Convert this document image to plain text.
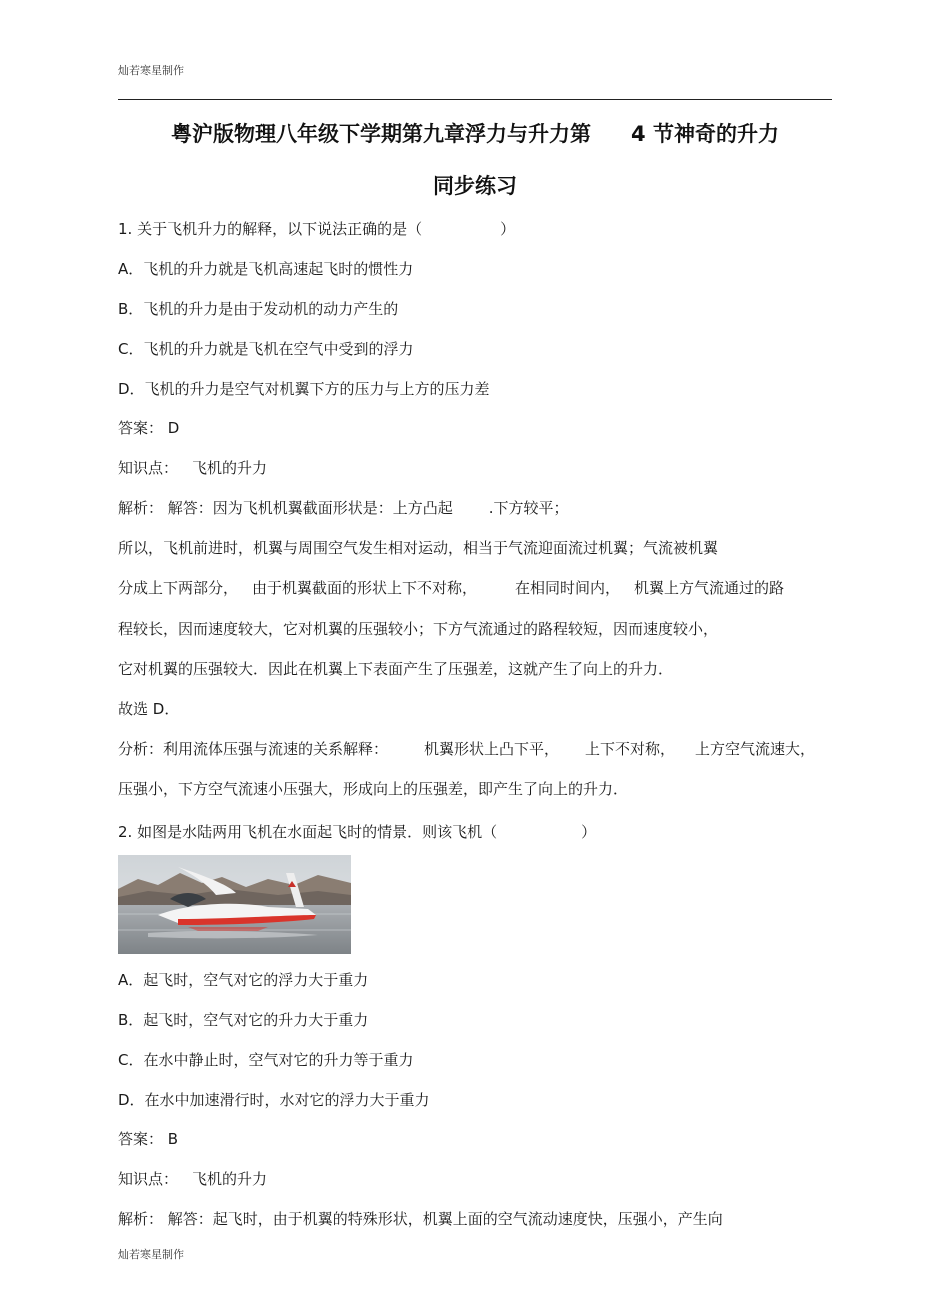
灿若寒星制作
粤沪版物理八年级下学期第九章浮力与升力第 4 节神奇的升力
同步练习
1. 关于飞机升力的解释，以下说法正确的是（	）
A．飞机的升力就是飞机高速起飞时的惯性力
B．飞机的升力是由于发动机的动力产生的
C．飞机的升力就是飞机在空气中受到的浮力
D．飞机的升力是空气对机翼下方的压力与上方的压力差
答案： D
知识点： 飞机的升力
解析： 解答：因为飞机机翼截面形状是：上方凸起 .下方较平；
所以，飞机前进时，机翼与周围空气发生相对运动，相当于气流迎面流过机翼；气流被机翼
分成上下两部分， 由于机翼截面的形状上下不对称，	在相同时间内， 机翼上方气流通过的路
程较长，因而速度较大，它对机翼的压强较小；下方气流通过的路程较短，因而速度较小，
它对机翼的压强较大．因此在机翼上下表面产生了压强差，这就产生了向上的升力．
故选 D．
分析：利用流体压强与流速的关系解释： 机翼形状上凸下平， 上下不对称， 上方空气流速大，
压强小，下方空气流速小压强大，形成向上的压强差，即产生了向上的升力．
2. 如图是水陆两用飞机在水面起飞时的情景．则该飞机（	）
A．起飞时，空气对它的浮力大于重力
B．起飞时，空气对它的升力大于重力
C．在水中静止时，空气对它的升力等于重力
D．在水中加速滑行时，水对它的浮力大于重力
答案： B
知识点： 飞机的升力
解析： 解答：起飞时，由于机翼的特殊形状，机翼上面的空气流动速度快，压强小，产生向
灿若寒星制作
